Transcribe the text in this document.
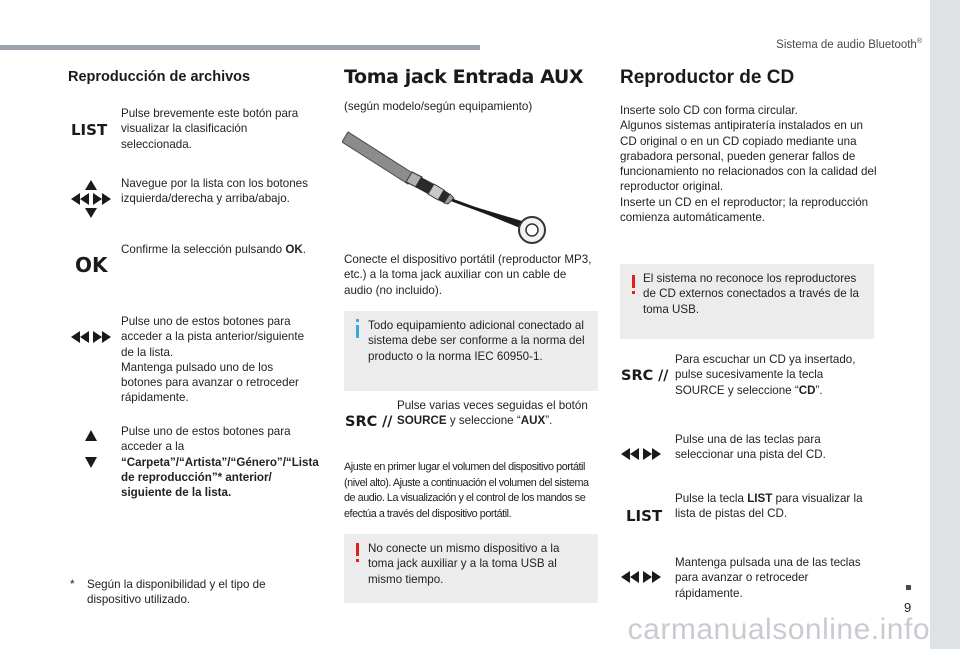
Sistema de audio Bluetooth®
9
Reproducción de archivos
LIST
Pulse brevemente este botón para visualizar la clasificación seleccionada.
Navegue por la lista con los botones izquierda/derecha y arriba/abajo.
OK
Confirme la selección pulsando OK.
Pulse uno de estos botones para acceder a la pista anterior/siguiente de la lista.
Mantenga pulsado uno de los botones para avanzar o retroceder rápidamente.
Pulse uno de estos botones para acceder a la
“Carpeta”/“Artista”/“Género”/“Lista de reproducción”* anterior/ siguiente de la lista.
* Según la disponibilidad y el tipo de dispositivo utilizado.
Toma jack Entrada AUX
(según modelo/según equipamiento)
Conecte el dispositivo portátil (reproductor MP3, etc.) a la toma jack auxiliar con un cable de audio (no incluido).
Todo equipamiento adicional conectado al sistema debe ser conforme a la norma del producto o la norma IEC 60950-1.
SRC //
Pulse varias veces seguidas el botón SOURCE y seleccione “AUX”.
Ajuste en primer lugar el volumen del dispositivo portátil (nivel alto). Ajuste a continuación el volumen del sistema de audio. La visualización y el control de los mandos se efectúa a través del dispositivo portátil.
No conecte un mismo dispositivo a la toma jack auxiliar y a la toma USB al mismo tiempo.
Reproductor de CD
Inserte solo CD con forma circular.
Algunos sistemas antipiratería instalados en un CD original o en un CD copiado mediante una grabadora personal, pueden generar fallos de funcionamiento no relacionados con la calidad del reproductor original.
Inserte un CD en el reproductor; la reproducción comienza automáticamente.
El sistema no reconoce los reproductores de CD externos conectados a través de la toma USB.
SRC //
Para escuchar un CD ya insertado, pulse sucesivamente la tecla SOURCE y seleccione “CD”.
Pulse una de las teclas para seleccionar una pista del CD.
LIST
Pulse la tecla LIST para visualizar la lista de pistas del CD.
Mantenga pulsada una de las teclas para avanzar o retroceder rápidamente.
carmanualsonline.info
